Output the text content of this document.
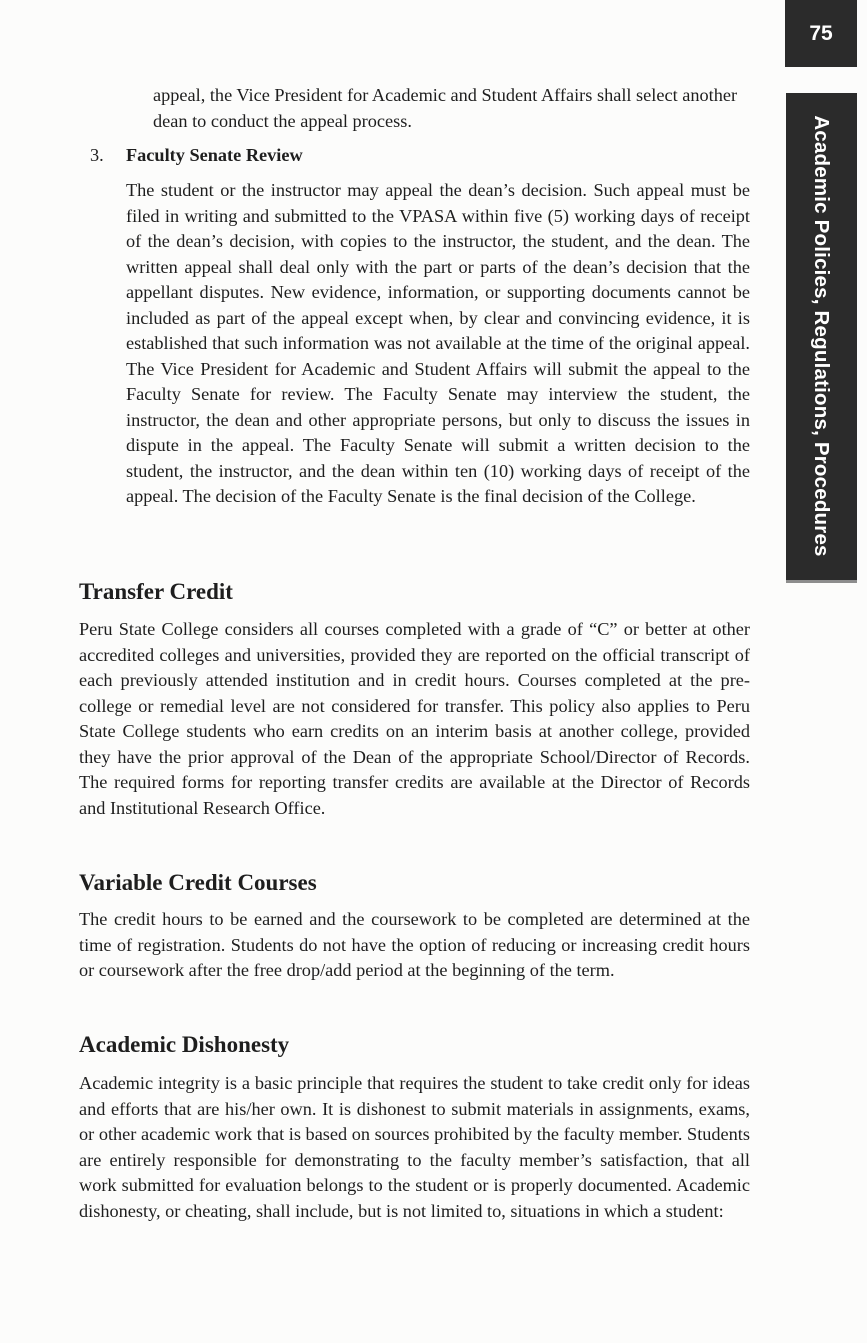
75
Academic Policies, Regulations, Procedures

appeal, the Vice President for Academic and Student Affairs shall select another dean to conduct the appeal process.

3. Faculty Senate Review

The student or the instructor may appeal the dean’s decision. Such appeal must be filed in writing and submitted to the VPASA within five (5) working days of receipt of the dean’s decision, with copies to the instructor, the student, and the dean. The written appeal shall deal only with the part or parts of the dean’s decision that the appellant disputes. New evidence, information, or supporting documents cannot be included as part of the appeal except when, by clear and convincing evidence, it is established that such information was not available at the time of the original appeal. The Vice President for Academic and Student Affairs will submit the appeal to the Faculty Senate for review. The Faculty Senate may interview the student, the instructor, the dean and other appropriate persons, but only to discuss the issues in dispute in the appeal. The Faculty Senate will submit a written decision to the student, the instructor, and the dean within ten (10) working days of receipt of the appeal. The decision of the Faculty Senate is the final decision of the College.

Transfer Credit

Peru State College considers all courses completed with a grade of “C” or better at other accredited colleges and universities, provided they are reported on the official transcript of each previously attended institution and in credit hours. Courses completed at the pre-college or remedial level are not considered for transfer. This policy also applies to Peru State College students who earn credits on an interim basis at another college, provided they have the prior approval of the Dean of the appropriate School/Director of Records. The required forms for reporting transfer credits are available at the Director of Records and Institutional Research Office.

Variable Credit Courses

The credit hours to be earned and the coursework to be completed are determined at the time of registration. Students do not have the option of reducing or increasing credit hours or coursework after the free drop/add period at the beginning of the term.

Academic Dishonesty

Academic integrity is a basic principle that requires the student to take credit only for ideas and efforts that are his/her own. It is dishonest to submit materials in assignments, exams, or other academic work that is based on sources prohibited by the faculty member. Students are entirely responsible for demonstrating to the faculty member’s satisfaction, that all work submitted for evaluation belongs to the student or is properly documented. Academic dishonesty, or cheating, shall include, but is not limited to, situations in which a student:
